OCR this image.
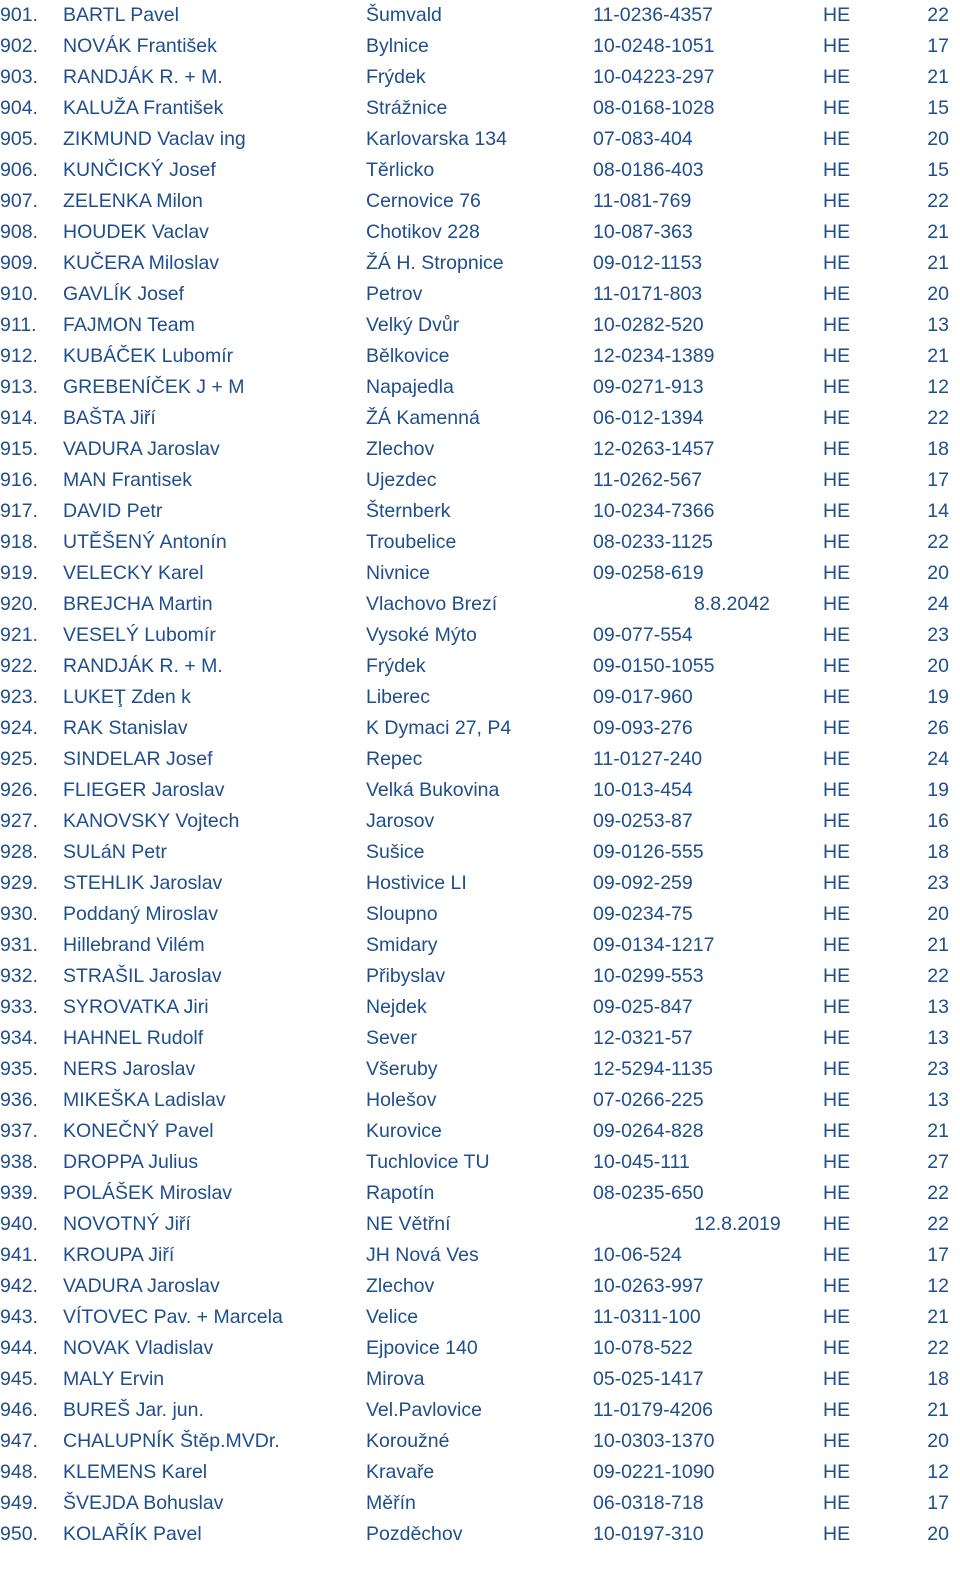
901. BARTL Pavel	Šumvald	11-0236-4357	HE	22
902. NOVÁK František	Bylnice	10-0248-1051	HE	17
903. RANDJÁK R. + M.	Frýdek	10-04223-297	HE	21
904. KALUŽA František	Strážnice	08-0168-1028	HE	15
905. ZIKMUND Vaclav ing	Karlovarska 134	07-083-404	HE	20
906. KUNČICKÝ Josef	Těrlicko	08-0186-403	HE	15
907. ZELENKA Milon	Cernovice 76	11-081-769	HE	22
908. HOUDEK Vaclav	Chotikov 228	10-087-363	HE	21
909. KUČERA Miloslav	ŽÁ H. Stropnice	09-012-1153	HE	21
910. GAVLÍK Josef	Petrov	11-0171-803	HE	20
911. FAJMON Team	Velký Dvůr	10-0282-520	HE	13
912. KUBÁČEK Lubomír	Bělkovice	12-0234-1389	HE	21
913. GREBENÍČEK J + M	Napajedla	09-0271-913	HE	12
914. BAŠTA Jiří	ŽÁ Kamenná	06-012-1394	HE	22
915. VADURA Jaroslav	Zlechov	12-0263-1457	HE	18
916. MAN Frantisek	Ujezdec	11-0262-567	HE	17
917. DAVID Petr	Šternberk	10-0234-7366	HE	14
918. UTĚŠENÝ Antonín	Troubelice	08-0233-1125	HE	22
919. VELECKY Karel	Nivnice	09-0258-619	HE	20
920. BREJCHA Martin	Vlachovo Brezí	8.8.2042	HE	24
921. VESELÝ Lubomír	Vysoké Mýto	09-077-554	HE	23
922. RANDJÁK R. + M.	Frýdek	09-0150-1055	HE	20
923. LUKEŢ Zden k	Liberec	09-017-960	HE	19
924. RAK Stanislav	K Dymaci 27, P4	09-093-276	HE	26
925. SINDELAR Josef	Repec	11-0127-240	HE	24
926. FLIEGER Jaroslav	Velká Bukovina	10-013-454	HE	19
927. KANOVSKY Vojtech	Jarosov	09-0253-87	HE	16
928. SULáN Petr	Sušice	09-0126-555	HE	18
929. STEHLIK Jaroslav	Hostivice LI	09-092-259	HE	23
930. Poddaný Miroslav	Sloupno	09-0234-75	HE	20
931. Hillebrand Vilém	Smidary	09-0134-1217	HE	21
932. STRAŠIL Jaroslav	Přibyslav	10-0299-553	HE	22
933. SYROVATKA Jiri	Nejdek	09-025-847	HE	13
934. HAHNEL Rudolf	Sever	12-0321-57	HE	13
935. NERS Jaroslav	Všeruby	12-5294-1135	HE	23
936. MIKEŠKA Ladislav	Holešov	07-0266-225	HE	13
937. KONEČNÝ Pavel	Kurovice	09-0264-828	HE	21
938. DROPPA Julius	Tuchlovice TU	10-045-111	HE	27
939. POLÁŠEK Miroslav	Rapotín	08-0235-650	HE	22
940. NOVOTNÝ Jiří	NE Větřní	12.8.2019 HE	22
941. KROUPA Jiří	JH Nová Ves	10-06-524	HE	17
942. VADURA Jaroslav	Zlechov	10-0263-997	HE	12
943. VÍTOVEC Pav. + Marcela	Velice	11-0311-100	HE	21
944. NOVAK Vladislav	Ejpovice 140	10-078-522	HE	22
945. MALY Ervin	Mirova	05-025-1417	HE	18
946. BUREŠ Jar. jun.	Vel.Pavlovice	11-0179-4206	HE	21
947. CHALUPNÍK Štěp.MVDr.	Koroužné	10-0303-1370	HE	20
948. KLEMENS Karel	Kravaře	09-0221-1090	HE	12
949. ŠVEJDA Bohuslav	Měřín	06-0318-718	HE	17
950. KOLAŘÍK Pavel	Pozděchov	10-0197-310	HE	20
